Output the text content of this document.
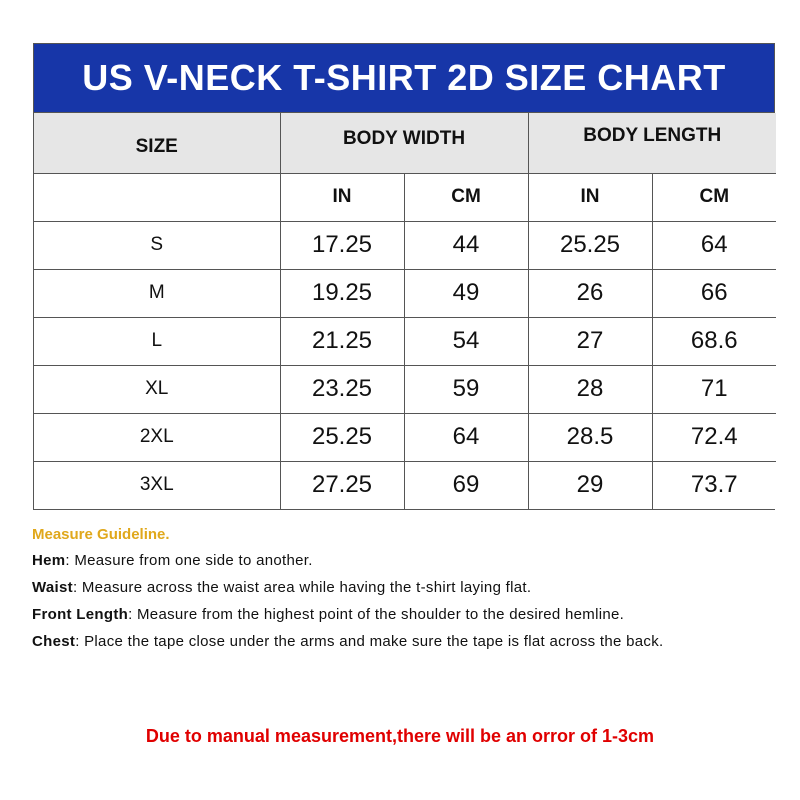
US V-NECK T-SHIRT 2D SIZE CHART
SIZE	BODY WIDTH		BODY LENGTH	
	IN	CM	IN	CM
S	17.25	44	25.25	64
M	19.25	49	26	66
L	21.25	54	27	68.6
XL	23.25	59	28	71
2XL	25.25	64	28.5	72.4
3XL	27.25	69	29	73.7
Measure Guideline.
Hem: Measure from one side to another.
Waist: Measure across the waist area while having the t-shirt laying flat.
Front Length: Measure from the highest point of the shoulder to the desired hemline.
Chest: Place the tape close under the arms and make sure the tape is flat across the back.
Due to manual measurement,there will be an orror of 1-3cm
